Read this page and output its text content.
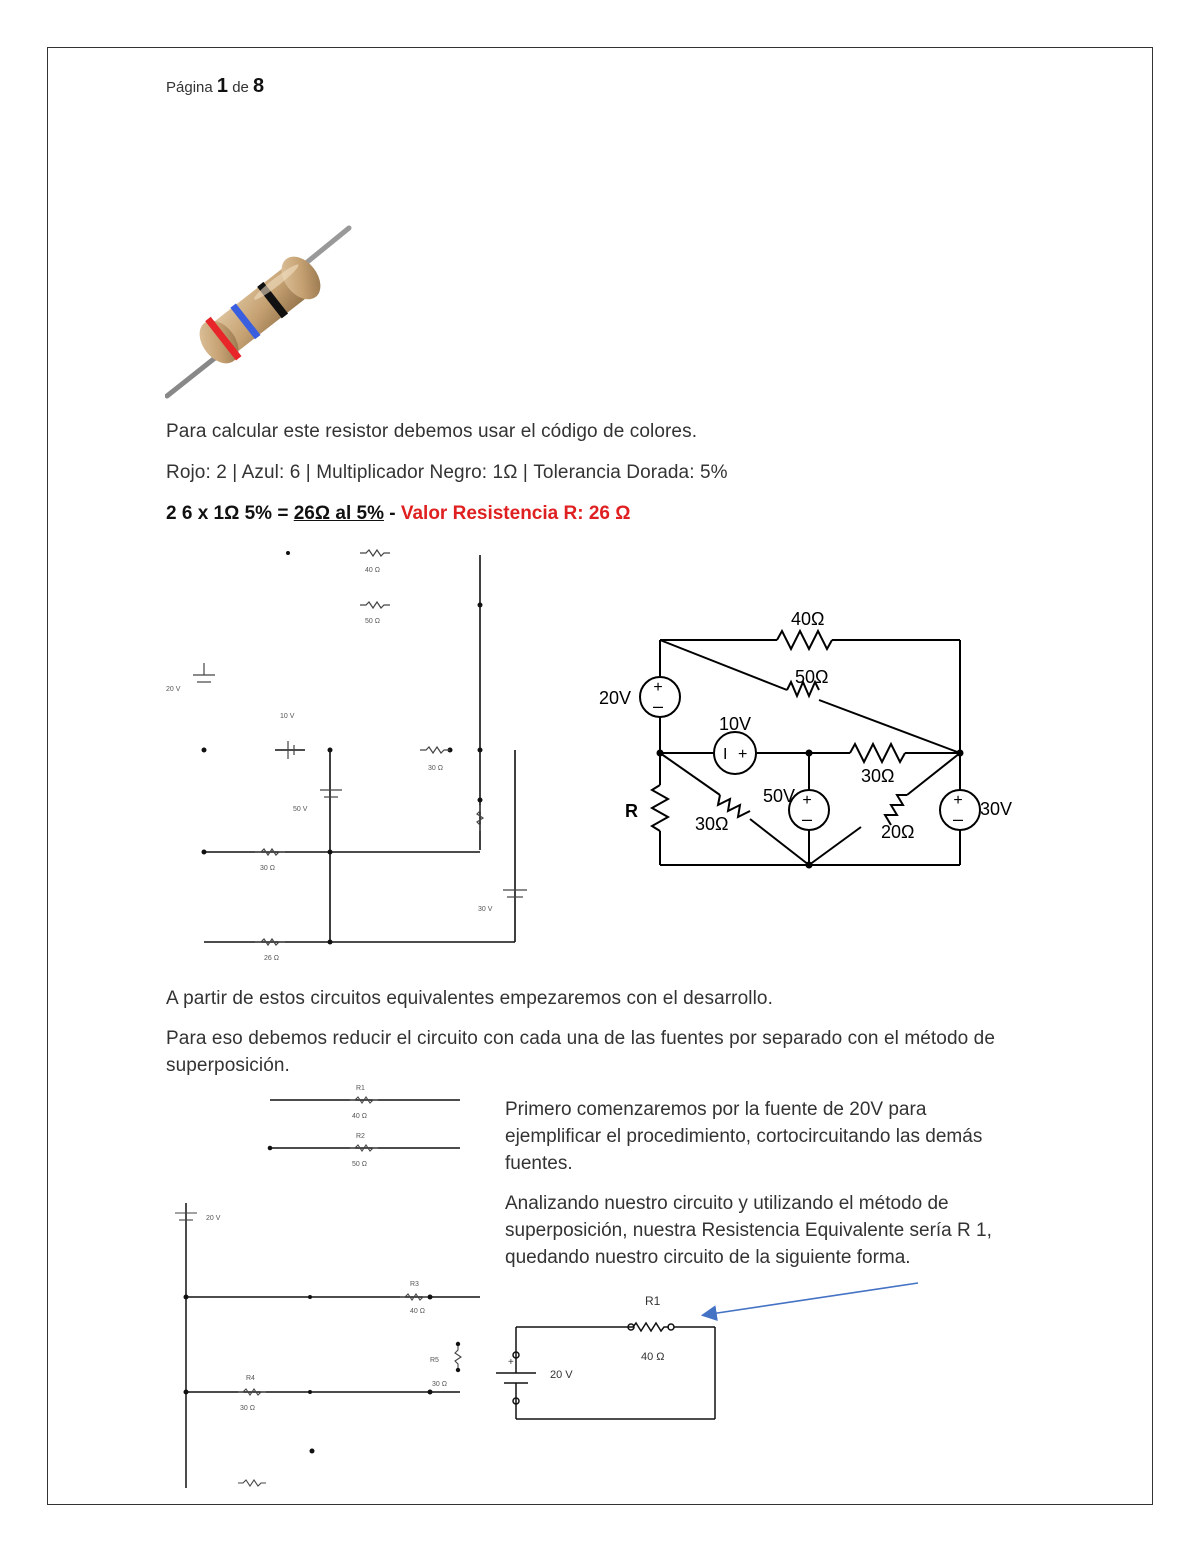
Página 1 de 8
Para calcular este resistor debemos usar el código de colores.
Rojo: 2 | Azul: 6 | Multiplicador Negro: 1Ω | Tolerancia Dorada: 5%
2 6 x 1Ω 5% = 26Ω al 5% - Valor Resistencia R: 26 Ω
40 Ω
50 Ω
20 V
10 V
50 V
30 Ω
30 Ω
30 V
26 Ω
+
–
I +
+
–
+
–
40Ω
50Ω
20V
10V
30Ω
R
30Ω
50V
20Ω
30V
A partir de estos circuitos equivalentes empezaremos con el desarrollo.
Para eso debemos reducir el circuito con cada una de las fuentes por separado con el método de superposición.
R1
40 Ω
R2
50 Ω
20 V
R3
40 Ω
R4
30 Ω
R5
30 Ω
Primero comenzaremos por la fuente de 20V para ejemplificar el procedimiento, cortocircuitando las demás fuentes.
Analizando nuestro circuito y utilizando el método de superposición, nuestra Resistencia Equivalente sería R 1, quedando nuestro circuito de la siguiente forma.
R1
40 Ω
20 V
+
